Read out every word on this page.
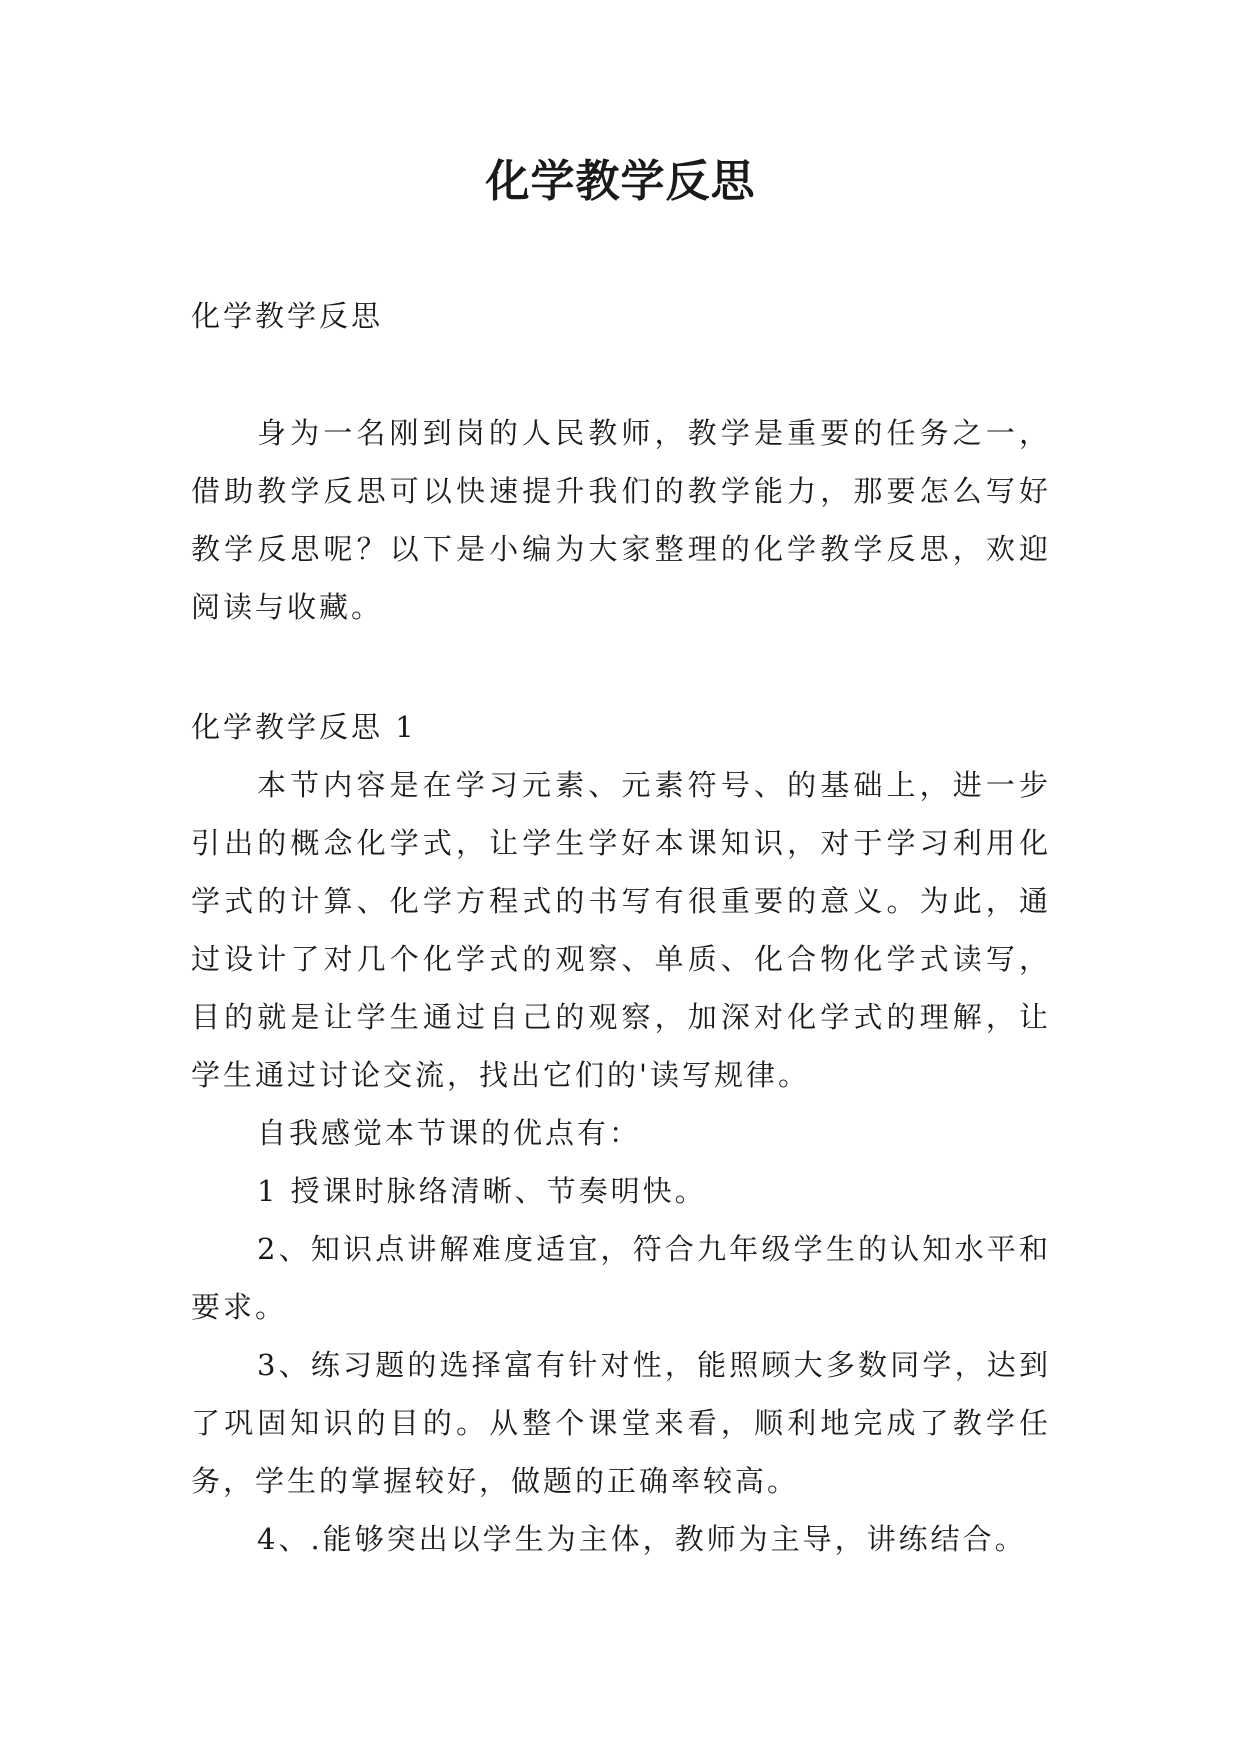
化学教学反思

化学教学反思

身为一名刚到岗的人民教师，教学是重要的任务之一，借助教学反思可以快速提升我们的教学能力，那要怎么写好教学反思呢？以下是小编为大家整理的化学教学反思，欢迎阅读与收藏。

化学教学反思 1

本节内容是在学习元素、元素符号、的基础上，进一步引出的概念化学式，让学生学好本课知识，对于学习利用化学式的计算、化学方程式的书写有很重要的意义。为此，通过设计了对几个化学式的观察、单质、化合物化学式读写，目的就是让学生通过自己的观察，加深对化学式的理解，让学生通过讨论交流，找出它们的'读写规律。

自我感觉本节课的优点有：

1 授课时脉络清晰、节奏明快。

2、知识点讲解难度适宜，符合九年级学生的认知水平和要求。

3、练习题的选择富有针对性，能照顾大多数同学，达到了巩固知识的目的。从整个课堂来看，顺利地完成了教学任务，学生的掌握较好，做题的正确率较高。

4、.能够突出以学生为主体，教师为主导，讲练结合。
